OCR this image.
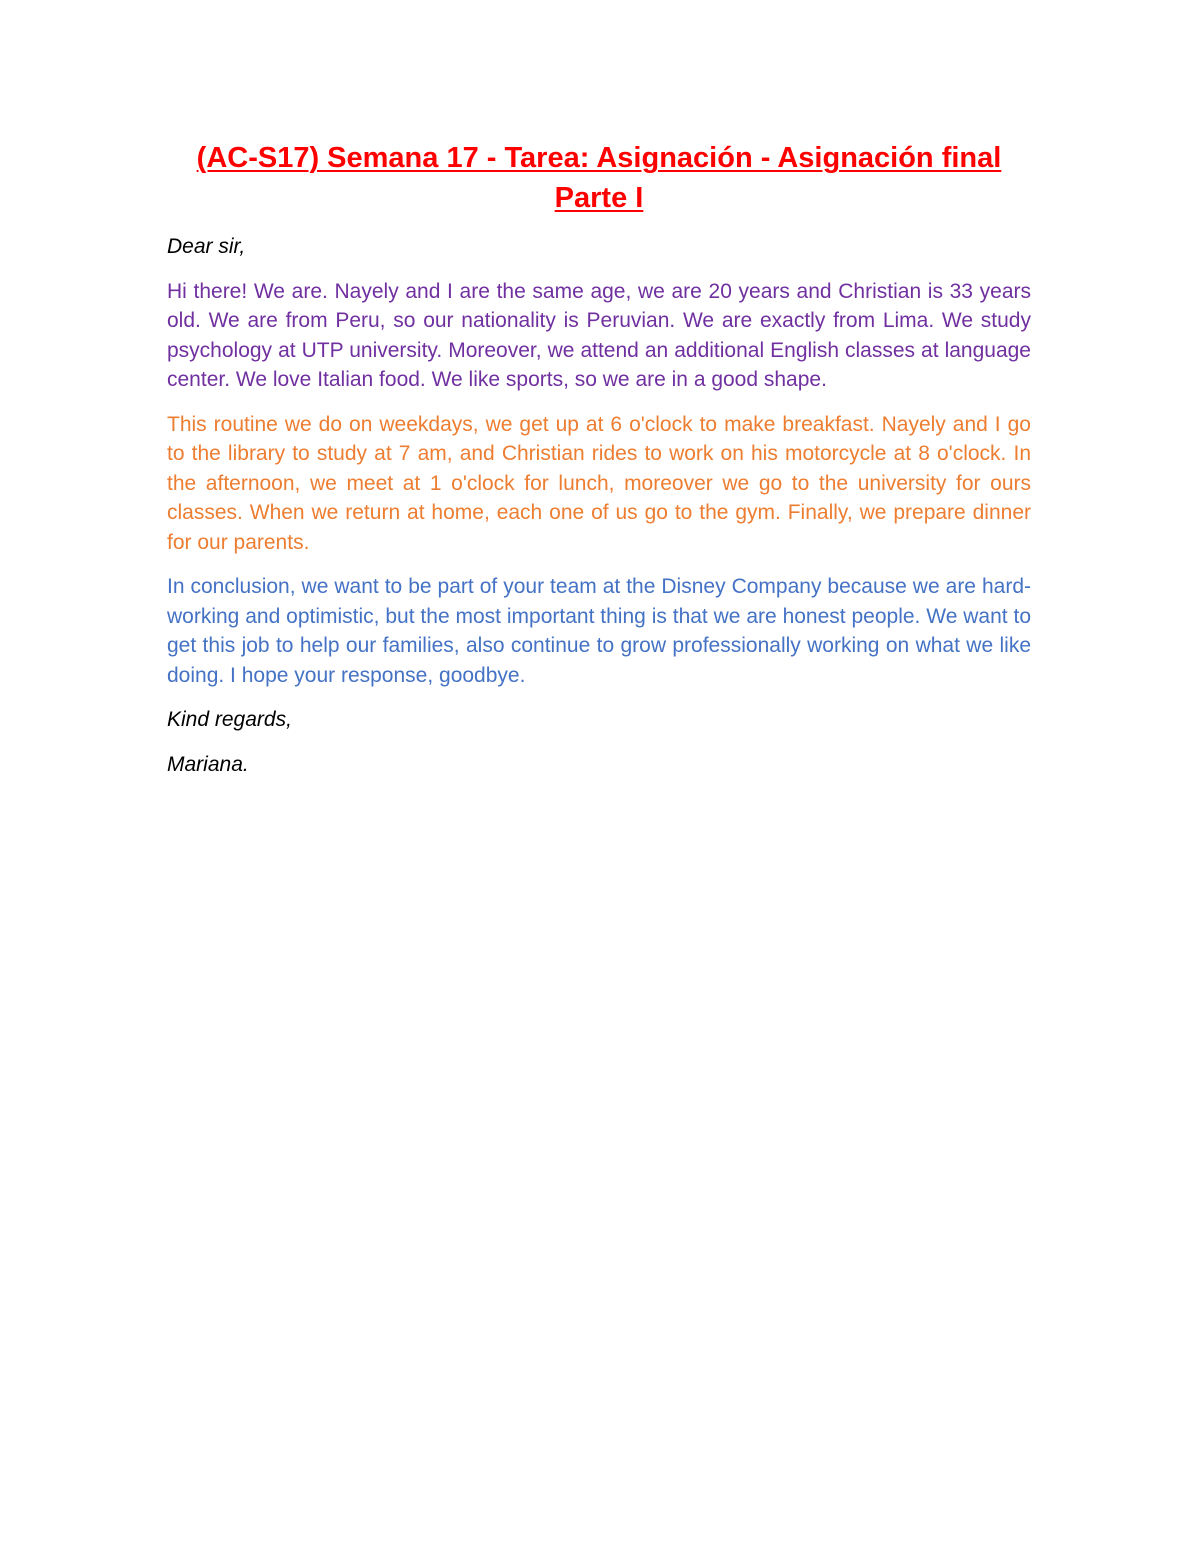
(AC-S17) Semana 17 - Tarea: Asignación - Asignación final Parte I

Dear sir,

Hi there! We are. Nayely and I are the same age, we are 20 years and Christian is 33 years old. We are from Peru, so our nationality is Peruvian. We are exactly from Lima. We study psychology at UTP university. Moreover, we attend an additional English classes at language center. We love Italian food. We like sports, so we are in a good shape.

This routine we do on weekdays, we get up at 6 o'clock to make breakfast. Nayely and I go to the library to study at 7 am, and Christian rides to work on his motorcycle at 8 o'clock. In the afternoon, we meet at 1 o'clock for lunch, moreover we go to the university for ours classes. When we return at home, each one of us go to the gym. Finally, we prepare dinner for our parents.

In conclusion, we want to be part of your team at the Disney Company because we are hard-working and optimistic, but the most important thing is that we are honest people. We want to get this job to help our families, also continue to grow professionally working on what we like doing. I hope your response, goodbye.

Kind regards,

Mariana.
